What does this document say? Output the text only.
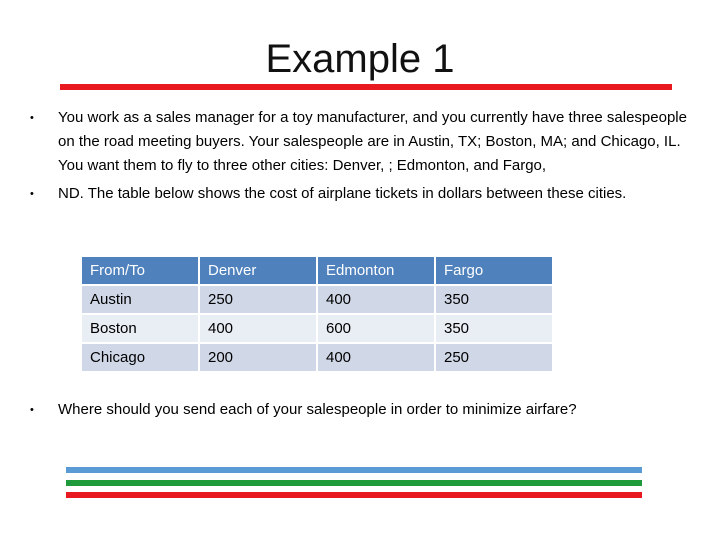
Example 1
•	You work as a sales manager for a toy manufacturer, and you currently have three salespeople on the road meeting buyers. Your salespeople are in Austin, TX; Boston, MA; and Chicago, IL. You want them to fly to three other cities: Denver, ; Edmonton, and Fargo,
•	ND. The table below shows the cost of airplane tickets in dollars between these cities.
From/To	Denver	Edmonton	Fargo
Austin	250	400	350
Boston	400	600	350
Chicago	200	400	250
• Where should you send each of your salespeople in order to minimize airfare?
